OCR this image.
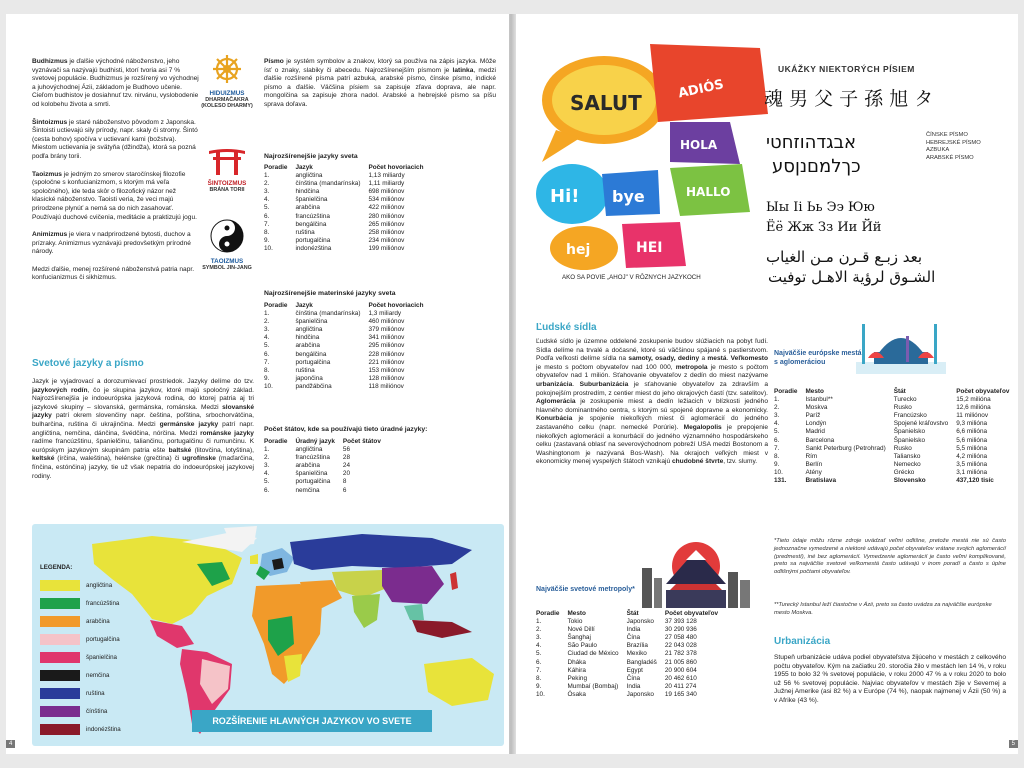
Budhizmus je ďalšie východné náboženstvo, jeho vyznávači sa nazývajú budhisti, ktorí tvoria asi 7 % svetovej populácie. Budhizmus je rozšírený vo východnej a juhovýchodnej Ázii, základom je Budhovo učenie. Cieľom budhistov je dosiahnuť tzv. nirvánu, vyslobodenie od kolobehu života a smrti.

Šintoizmus je staré náboženstvo pôvodom z Japonska. Šintoisti uctievajú sily prírody, napr. skaly či stromy. Šintó (cesta bohov) spočíva v uctievaní kami (božstva). Miestom uctievania je svätyňa (džindža), ktorá sa pozná podľa brány torii.

Taoizmus je jedným zo smerov staročínskej filozofie (spoločne s konfucianizmom, s ktorým má veľa spoločného), ide teda skôr o filozofický názor než klasické náboženstvo. Taoisti veria, že veci majú prirodzene plynúť a nemá sa do nich zasahovať. Používajú duchové cvičenia, meditácie a praktizujú jogu.

Animizmus je viera v nadprirodzené bytosti, duchov a prízraky. Animizmus vyznávajú predovšetkým prírodné národy.

Medzi ďalšie, menej rozšírené náboženstvá patria napr. konfucianizmus či sikhizmus.

HIDUIZMUS
DHARMAČAKRA (KOLESO DHARMY)
ŠINTOIZMUS
BRÁNA TORII
TAOIZMUS
SYMBOL JIN-JANG
Svetové jazyky a písmo
Jazyk je vyjadrovací a dorozumievací prostriedok. Jazyky delíme do tzv. jazykových rodín, čo je skupina jazykov, ktoré majú spoločný základ. Najrozšírenejšia je indoeurópska jazyková rodina, do ktorej patria aj tri jazykové skupiny – slovanská, germánska, románska. Medzi slovanské jazyky patrí okrem slovenčiny napr. čeština, poľština, srbochorvátčina, bulharčina, ruština či ukrajinčina. Medzi germánske jazyky patrí napr. angličtina, nemčina, dánčina, švédčina, nórčina. Medzi románske jazyky radíme francúzštinu, španielčinu, taliančinu, portugalčinu či rumunčinu. K európskym jazykovým skupinám patria ešte baltské (litovčina, lotyština), keltské (írčina, waleština), helénske (grečtina) či ugrofínske (maďarčina, fínčina, estónčina) jazyky, tie už však nepatria do indoeurópskej jazykovej rodiny.
Písmo je systém symbolov a znakov, ktorý sa používa na zápis jazyka. Môže ísť o znaky, slabiky či abecedu. Najrozšírenejším písmom je latinka, medzi ďalšie rozšírené písma patrí azbuka, arabské písmo, čínske písmo, indické písmo a ďalšie. Väčšina písiem sa zapisuje zľava doprava, ale napr. mongolčina sa zapisuje zhora nadol. Arabské a hebrejské písmo sa píšu sprava doľava.
Najrozšírenejšie jazyky sveta
Poradie	Jazyk	Počet hovoriacich
1.	angličtina	1,13 miliardy
2.	čínština (mandarínska)	1,11 miliardy
3.	hindčina	698 miliónov
4.	španielčina	534 miliónov
5.	arabčina	422 miliónov
6.	francúzština	280 miliónov
7.	bengálčina	265 miliónov
8.	ruština	258 miliónov
9.	portugalčina	234 miliónov
10.	indonézština	199 miliónov
Najrozšírenejšie materinské jazyky sveta
Poradie	Jazyk	Počet hovoriacich
1.	čínština (mandarínska)	1,3 miliardy
2.	španielčina	460 miliónov
3.	angličtina	379 miliónov
4.	hindčina	341 miliónov
5.	arabčina	295 miliónov
6.	bengálčina	228 miliónov
7.	portugalčina	221 miliónov
8.	ruština	153 miliónov
9.	japončina	128 miliónov
10.	pandžábčina	118 miliónov
Počet štátov, kde sa používajú tieto úradné jazyky:
Poradie	Úradný jazyk	Počet štátov
1.	angličtina	56
2.	francúzština	28
3.	arabčina	24
4.	španielčina	20
5.	portugalčina	8
6.	nemčina	6
LEGENDA:
angličtina
francúzština
arabčina
portugalčina
španielčina
nemčina
ruština
čínština
indonézština
ROZŠÍRENIE HLAVNÝCH JAZYKOV VO SVETE
4
SALUT
ADIÓS
HOLA
Hi! bye	HALLO
hej	HEI
AKO SA POVIE „AHOJ" V RÔZNYCH JAZYKOCH
UKÁŽKY NIEKTORÝCH PÍSIEM
魂 男 父 子 孫 旭 タ
אבגדהוזחטי
כךלמםנןסע
Ыы Іі Ьь Ээ Юю
Ёё Жж Зз Ии Йй
بعد زبـع قـرن مـن الغياب
الشـوق لرؤية الاهـل توفيت
ČÍNSKE PÍSMO
HEBREJSKÉ PÍSMO
AZBUKA
ARABSKÉ PÍSMO
Ľudské sídla
Ľudské sídlo je územne oddelené zoskupenie budov slúžiacich na pobyt ľudí. Sídla delíme na trvalé a dočasné, ktoré sú väčšinou spájané s pastierstvom. Podľa veľkosti delíme sídla na samoty, osady, dediny a mestá. Veľkomesto je mesto s počtom obyvateľov nad 100 000, metropola je mesto s počtom obyvateľov nad 1 milión. Sťahovanie obyvateľov z dedín do miest nazývame urbanizácia. Suburbanizácia je sťahovanie obyvateľov za zdravším a pokojnejším prostredím, z centier miest do jeho okrajových častí (tzv. satelitov). Aglomerácia je zoskupenie miest a dedín ležiacich v blízkosti jedného hlavného dominantného centra, s ktorým sú spojené dopravne a ekonomicky. Konurbácia je spojenie niekoľkých miest či aglomerácií do jedného zastavaného celku (napr. nemecké Porúrie). Megalopolis je prepojenie niekoľkých aglomerácií a konurbácií do jedného významného hospodárskeho celku (zastavaná oblasť na severovýchodnom pobreží USA medzi Bostonom a Washingtonom je nazývaná Bos-Wash). Na okrajoch veľkých miest v ekonomicky menej vyspelých štátoch vznikajú chudobné štvrte, tzv. slumy.
Najväčšie svetové metropoly*
Poradie	Mesto	Štát	Počet obyvateľov
1.	Tokio	Japonsko	37 393 128
2.	Nové Dillí	India	30 290 936
3.	Šanghaj	Čína	27 058 480
4.	São Paulo	Brazília	22 043 028
5.	Ciudad de México	Mexiko	21 782 378
6.	Dháka	Bangladéš	21 005 860
7.	Káhira	Egypt	20 900 604
8.	Peking	Čína	20 462 610
9.	Mumbaí (Bombaj)	India	20 411 274
10.	Ósaka	Japonsko	19 165 340
Najväčšie európske mestá s aglomeráciou
Poradie	Mesto	Štát	Počet obyvateľov
1.	Istanbul**	Turecko	15,2 milióna
2.	Moskva	Rusko	12,6 milióna
3.	Paríž	Francúzsko	11 miliónov
4.	Londýn	Spojené kráľovstvo	9,3 milióna
5.	Madrid	Španielsko	6,6 milióna
6.	Barcelona	Španielsko	5,6 milióna
7.	Sankt Peterburg (Petrohrad)	Rusko	5,5 milióna
8.	Rím	Taliansko	4,2 milióna
9.	Berlín	Nemecko	3,5 milióna
10.	Atény	Grécko	3,1 milióna
131.	Bratislava	Slovensko	437,120 tisíc
*Tieto údaje môžu rôzne zdroje uvádzať veľmi odlišne, pretože mestá nie sú často jednoznačne vymedzené a niektoré udávajú počet obyvateľov vrátane svojich aglomerácií (predmestí), iné bez aglomerácií. Vymedzenie aglomerácií je často veľmi komplikované, preto sa najväčšie svetové veľkomestá často udávajú v inom poradí a často s úplne odlišnými počtami obyvateľov.
**Turecký Istanbul leží čiastočne v Ázii, preto sa často uvádza za najväčšie európske mesto Moskva.
Urbanizácia
Stupeň urbanizácie udáva podiel obyvateľstva žijúceho v mestách z celkového počtu obyvateľov. Kým na začiatku 20. storočia žilo v mestách len 14 %, v roku 1955 to bolo 32 % svetovej populácie, v roku 2000 47 % a v roku 2020 to bolo už 56 % svetovej populácie. Najviac obyvateľov v mestách žije v Severnej a Južnej Amerike (asi 82 %) a v Európe (74 %), naopak najmenej v Ázii (50 %) a v Afrike (43 %).
5
